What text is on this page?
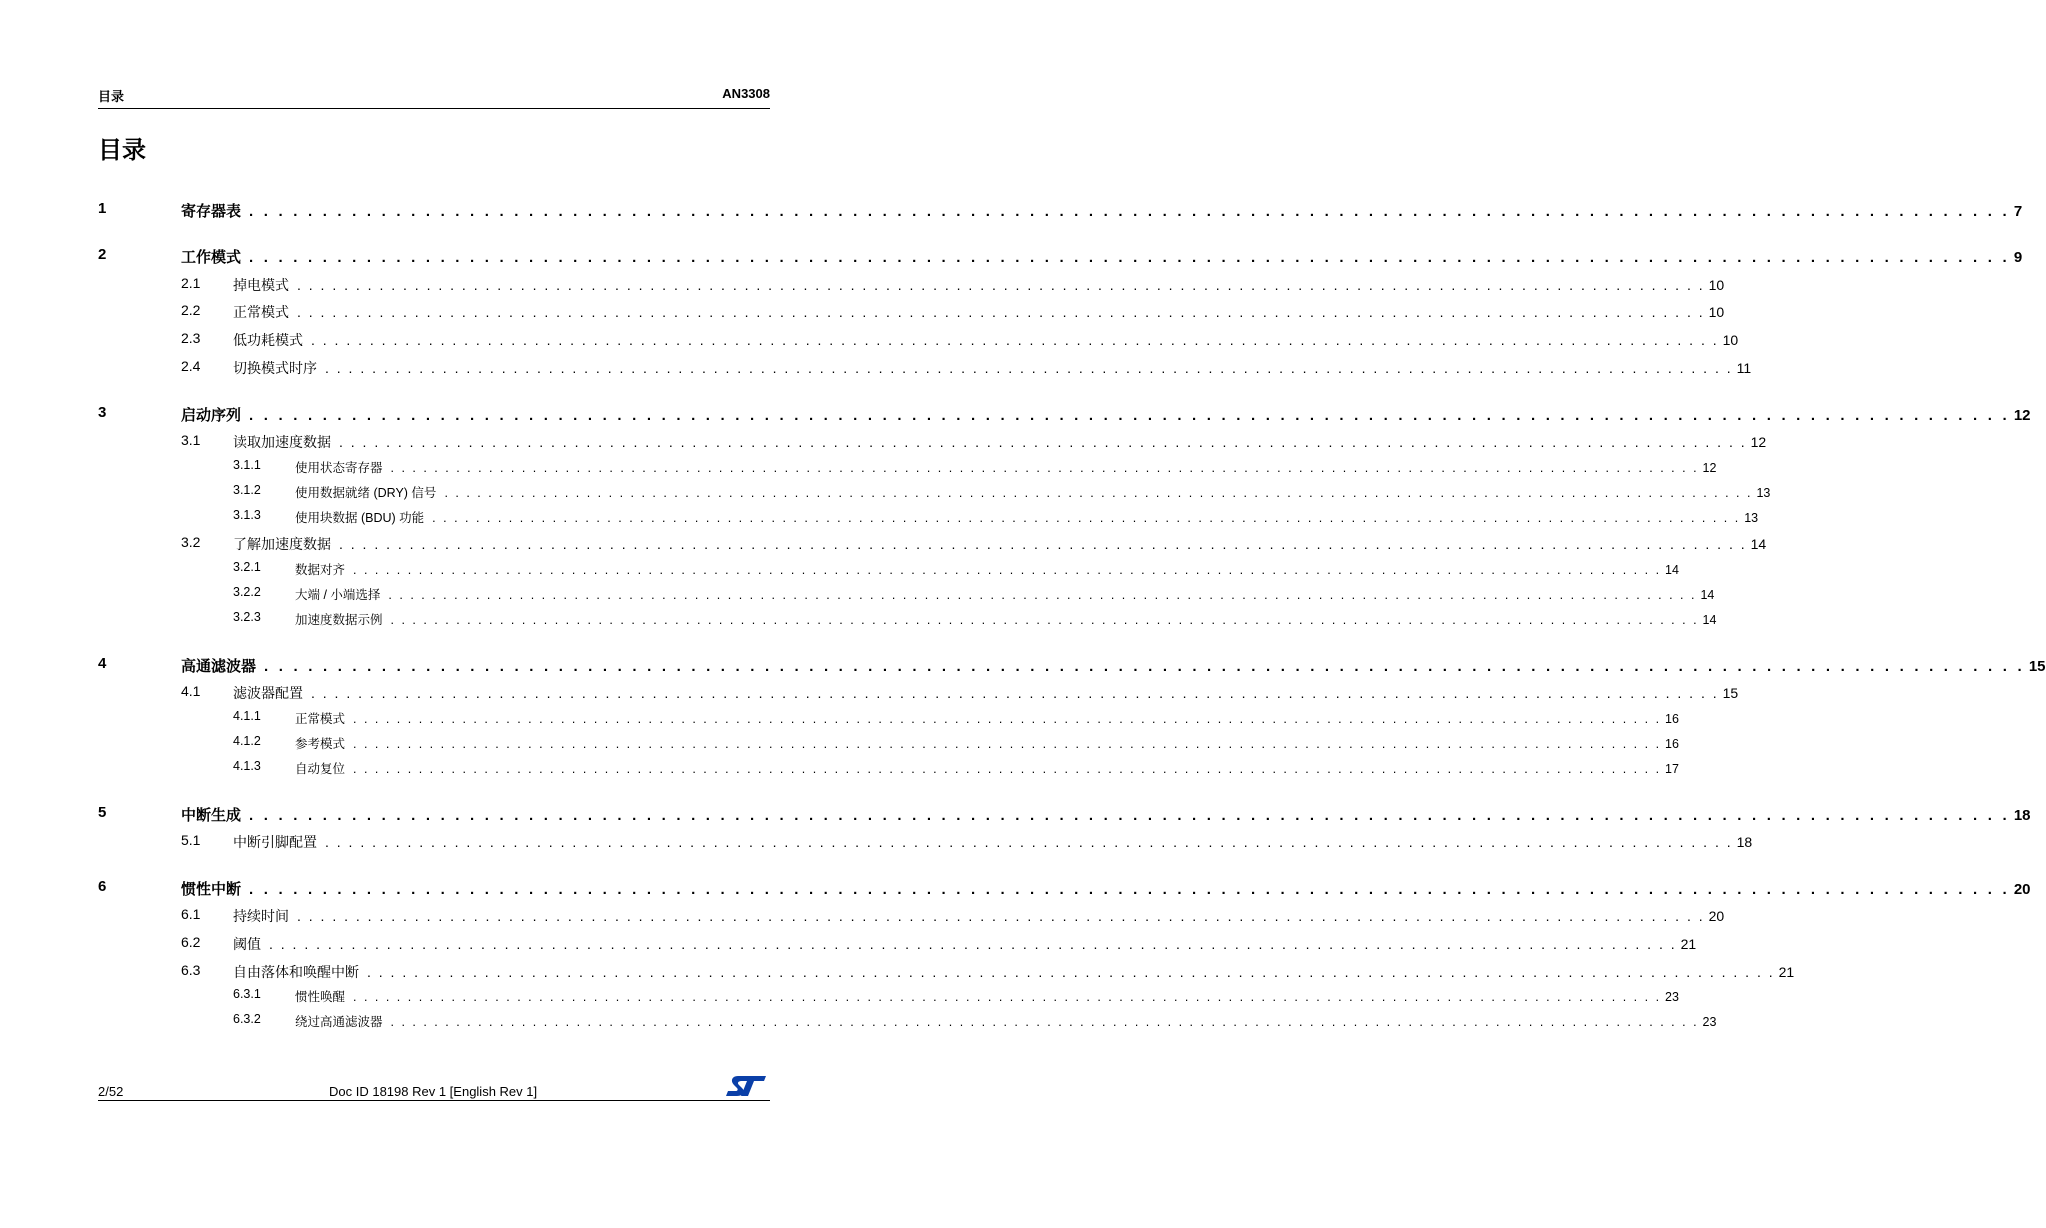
目录	AN3308
目录
1	寄存器表 . . . . . . . . . . . . . . . . . . . . . . . . . . . . . . . . . . . . . . . . . . . . . . . . . . . . . . . . . . . . . . . . . . . . . . . . . . . . . . . . . . . . . . . . . . . . . . . . . . . . . . . . . . . . . . . . . . . . . . . . 7
2	工作模式 . . . . . . . . . . . . . . . . . . . . . . . . . . . . . . . . . . . . . . . . . . . . . . . . . . . . . . . . . . . . . . . . . . . . . . . . . . . . . . . . . . . . . . . . . . . . . . . . . . . . . . . . . . . . . . . . . . . . . . . . 9
2.1 掉电模式 . . . . . . . . . . . . . . . . . . . . . . . . . . . . . . . . . . . . . . . . . . . . . . . . . . . . . . . . . . . . . . . . . . . . . . . . . . . . . . . . . . . . . . . . . . . . . . . . . . . . . . . . . . . . . . . . . . . . . . . . 10
2.2 正常模式 . . . . . . . . . . . . . . . . . . . . . . . . . . . . . . . . . . . . . . . . . . . . . . . . . . . . . . . . . . . . . . . . . . . . . . . . . . . . . . . . . . . . . . . . . . . . . . . . . . . . . . . . . . . . . . . . . . . . . . . . 10
2.3 低功耗模式 . . . . . . . . . . . . . . . . . . . . . . . . . . . . . . . . . . . . . . . . . . . . . . . . . . . . . . . . . . . . . . . . . . . . . . . . . . . . . . . . . . . . . . . . . . . . . . . . . . . . . . . . . . . . . . . . . . . . . . . . 10
2.4 切换模式时序 . . . . . . . . . . . . . . . . . . . . . . . . . . . . . . . . . . . . . . . . . . . . . . . . . . . . . . . . . . . . . . . . . . . . . . . . . . . . . . . . . . . . . . . . . . . . . . . . . . . . . . . . . . . . . . . . . . . . . . . . 11
3	启动序列 . . . . . . . . . . . . . . . . . . . . . . . . . . . . . . . . . . . . . . . . . . . . . . . . . . . . . . . . . . . . . . . . . . . . . . . . . . . . . . . . . . . . . . . . . . . . . . . . . . . . . . . . . . . . . . . . . . . . . . . . 12
3.1 读取加速度数据 . . . . . . . . . . . . . . . . . . . . . . . . . . . . . . . . . . . . . . . . . . . . . . . . . . . . . . . . . . . . . . . . . . . . . . . . . . . . . . . . . . . . . . . . . . . . . . . . . . . . . . . . . . . . . . . . . . . . . . . . 12
3.1.1	使用状态寄存器 . . . . . . . . . . . . . . . . . . . . . . . . . . . . . . . . . . . . . . . . . . . . . . . . . . . . . . . . . . . . . . . . . . . . . . . . . . . . . . . . . . . . . . . . . . . . . . . . . . . . . . . . . . . . . . . . . . . . . . . . 12
3.1.2	使用数据就绪 (DRY) 信号 . . . . . . . . . . . . . . . . . . . . . . . . . . . . . . . . . . . . . . . . . . . . . . . . . . . . . . . . . . . . . . . . . . . . . . . . . . . . . . . . . . . . . . . . . . . . . . . . . . . . . . . . . . . . . . . . . . . . . . . . 13
3.1.3	使用块数据 (BDU) 功能 . . . . . . . . . . . . . . . . . . . . . . . . . . . . . . . . . . . . . . . . . . . . . . . . . . . . . . . . . . . . . . . . . . . . . . . . . . . . . . . . . . . . . . . . . . . . . . . . . . . . . . . . . . . . . . . . . . . . . . . . 13
3.2 了解加速度数据 . . . . . . . . . . . . . . . . . . . . . . . . . . . . . . . . . . . . . . . . . . . . . . . . . . . . . . . . . . . . . . . . . . . . . . . . . . . . . . . . . . . . . . . . . . . . . . . . . . . . . . . . . . . . . . . . . . . . . . . . 14
3.2.1	数据对齐 . . . . . . . . . . . . . . . . . . . . . . . . . . . . . . . . . . . . . . . . . . . . . . . . . . . . . . . . . . . . . . . . . . . . . . . . . . . . . . . . . . . . . . . . . . . . . . . . . . . . . . . . . . . . . . . . . . . . . . . . 14
3.2.2	大端 / 小端选择 . . . . . . . . . . . . . . . . . . . . . . . . . . . . . . . . . . . . . . . . . . . . . . . . . . . . . . . . . . . . . . . . . . . . . . . . . . . . . . . . . . . . . . . . . . . . . . . . . . . . . . . . . . . . . . . . . . . . . . . . 14
3.2.3	加速度数据示例 . . . . . . . . . . . . . . . . . . . . . . . . . . . . . . . . . . . . . . . . . . . . . . . . . . . . . . . . . . . . . . . . . . . . . . . . . . . . . . . . . . . . . . . . . . . . . . . . . . . . . . . . . . . . . . . . . . . . . . . . 14
4	高通滤波器 . . . . . . . . . . . . . . . . . . . . . . . . . . . . . . . . . . . . . . . . . . . . . . . . . . . . . . . . . . . . . . . . . . . . . . . . . . . . . . . . . . . . . . . . . . . . . . . . . . . . . . . . . . . . . . . . . . . . . . . . 15
4.1 滤波器配置 . . . . . . . . . . . . . . . . . . . . . . . . . . . . . . . . . . . . . . . . . . . . . . . . . . . . . . . . . . . . . . . . . . . . . . . . . . . . . . . . . . . . . . . . . . . . . . . . . . . . . . . . . . . . . . . . . . . . . . . . 15
4.1.1	正常模式 . . . . . . . . . . . . . . . . . . . . . . . . . . . . . . . . . . . . . . . . . . . . . . . . . . . . . . . . . . . . . . . . . . . . . . . . . . . . . . . . . . . . . . . . . . . . . . . . . . . . . . . . . . . . . . . . . . . . . . . . 16
4.1.2	参考模式 . . . . . . . . . . . . . . . . . . . . . . . . . . . . . . . . . . . . . . . . . . . . . . . . . . . . . . . . . . . . . . . . . . . . . . . . . . . . . . . . . . . . . . . . . . . . . . . . . . . . . . . . . . . . . . . . . . . . . . . . 16
4.1.3	自动复位 . . . . . . . . . . . . . . . . . . . . . . . . . . . . . . . . . . . . . . . . . . . . . . . . . . . . . . . . . . . . . . . . . . . . . . . . . . . . . . . . . . . . . . . . . . . . . . . . . . . . . . . . . . . . . . . . . . . . . . . . 17
5	中断生成 . . . . . . . . . . . . . . . . . . . . . . . . . . . . . . . . . . . . . . . . . . . . . . . . . . . . . . . . . . . . . . . . . . . . . . . . . . . . . . . . . . . . . . . . . . . . . . . . . . . . . . . . . . . . . . . . . . . . . . . . 18
5.1 中断引脚配置 . . . . . . . . . . . . . . . . . . . . . . . . . . . . . . . . . . . . . . . . . . . . . . . . . . . . . . . . . . . . . . . . . . . . . . . . . . . . . . . . . . . . . . . . . . . . . . . . . . . . . . . . . . . . . . . . . . . . . . . . 18
6	惯性中断 . . . . . . . . . . . . . . . . . . . . . . . . . . . . . . . . . . . . . . . . . . . . . . . . . . . . . . . . . . . . . . . . . . . . . . . . . . . . . . . . . . . . . . . . . . . . . . . . . . . . . . . . . . . . . . . . . . . . . . . . 20
6.1 持续时间 . . . . . . . . . . . . . . . . . . . . . . . . . . . . . . . . . . . . . . . . . . . . . . . . . . . . . . . . . . . . . . . . . . . . . . . . . . . . . . . . . . . . . . . . . . . . . . . . . . . . . . . . . . . . . . . . . . . . . . . . 20
6.2 阈值 . . . . . . . . . . . . . . . . . . . . . . . . . . . . . . . . . . . . . . . . . . . . . . . . . . . . . . . . . . . . . . . . . . . . . . . . . . . . . . . . . . . . . . . . . . . . . . . . . . . . . . . . . . . . . . . . . . . . . . . . 21
6.3 自由落体和唤醒中断 . . . . . . . . . . . . . . . . . . . . . . . . . . . . . . . . . . . . . . . . . . . . . . . . . . . . . . . . . . . . . . . . . . . . . . . . . . . . . . . . . . . . . . . . . . . . . . . . . . . . . . . . . . . . . . . . . . . . . . . . 21
6.3.1	惯性唤醒 . . . . . . . . . . . . . . . . . . . . . . . . . . . . . . . . . . . . . . . . . . . . . . . . . . . . . . . . . . . . . . . . . . . . . . . . . . . . . . . . . . . . . . . . . . . . . . . . . . . . . . . . . . . . . . . . . . . . . . . . 23
6.3.2	绕过高通滤波器 . . . . . . . . . . . . . . . . . . . . . . . . . . . . . . . . . . . . . . . . . . . . . . . . . . . . . . . . . . . . . . . . . . . . . . . . . . . . . . . . . . . . . . . . . . . . . . . . . . . . . . . . . . . . . . . . . . . . . . . . 23
2/52	Doc ID 18198 Rev 1 [English Rev 1]
